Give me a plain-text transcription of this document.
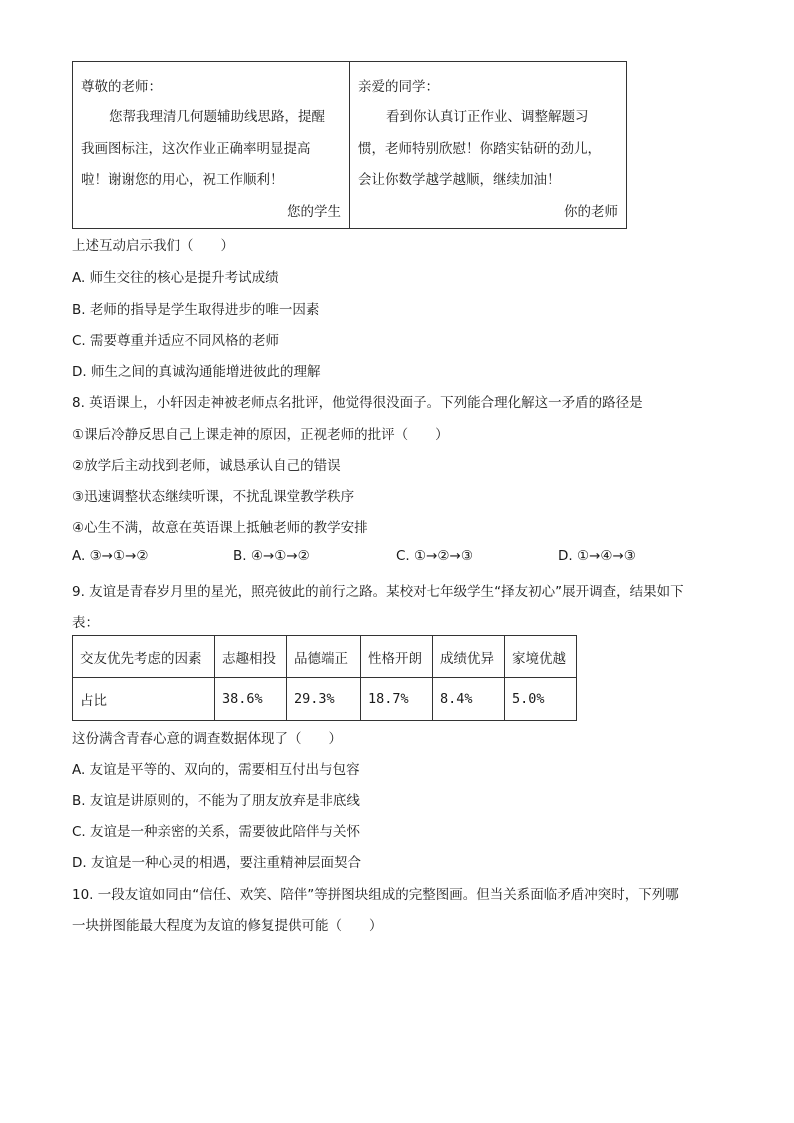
尊敬的老师：
您帮我理清几何题辅助线思路，提醒
我画图标注，这次作业正确率明显提高
啦！谢谢您的用心，祝工作顺利！
您的学生

亲爱的同学：
看到你认真订正作业、调整解题习
惯，老师特别欣慰！你踏实钻研的劲儿，
会让你数学越学越顺，继续加油！
你的老师
上述互动启示我们（　　）
A. 师生交往的核心是提升考试成绩
B. 老师的指导是学生取得进步的唯一因素
C. 需要尊重并适应不同风格的老师
D. 师生之间的真诚沟通能增进彼此的理解
8. 英语课上，小轩因走神被老师点名批评，他觉得很没面子。下列能合理化解这一矛盾的路径是
①课后冷静反思自己上课走神的原因，正视老师的批评（　　）
②放学后主动找到老师，诚恳承认自己的错误
③迅速调整状态继续听课，不扰乱课堂教学秩序
④心生不满，故意在英语课上抵触老师的教学安排
A. ③→①→②	B. ④→①→②	C. ①→②→③	D. ①→④→③
9. 友谊是青春岁月里的星光，照亮彼此的前行之路。某校对七年级学生“择友初心”展开调查，结果如下
表：
交友优先考虑的因素	志趣相投	品德端正	性格开朗	成绩优异	家境优越
占比	38.6%	29.3%	18.7%	8.4%	5.0%
这份满含青春心意的调查数据体现了（　　）
A. 友谊是平等的、双向的，需要相互付出与包容
B. 友谊是讲原则的，不能为了朋友放弃是非底线
C. 友谊是一种亲密的关系，需要彼此陪伴与关怀
D. 友谊是一种心灵的相遇，要注重精神层面契合
10. 一段友谊如同由“信任、欢笑、陪伴”等拼图块组成的完整图画。但当关系面临矛盾冲突时，下列哪
一块拼图能最大程度为友谊的修复提供可能（　　）
